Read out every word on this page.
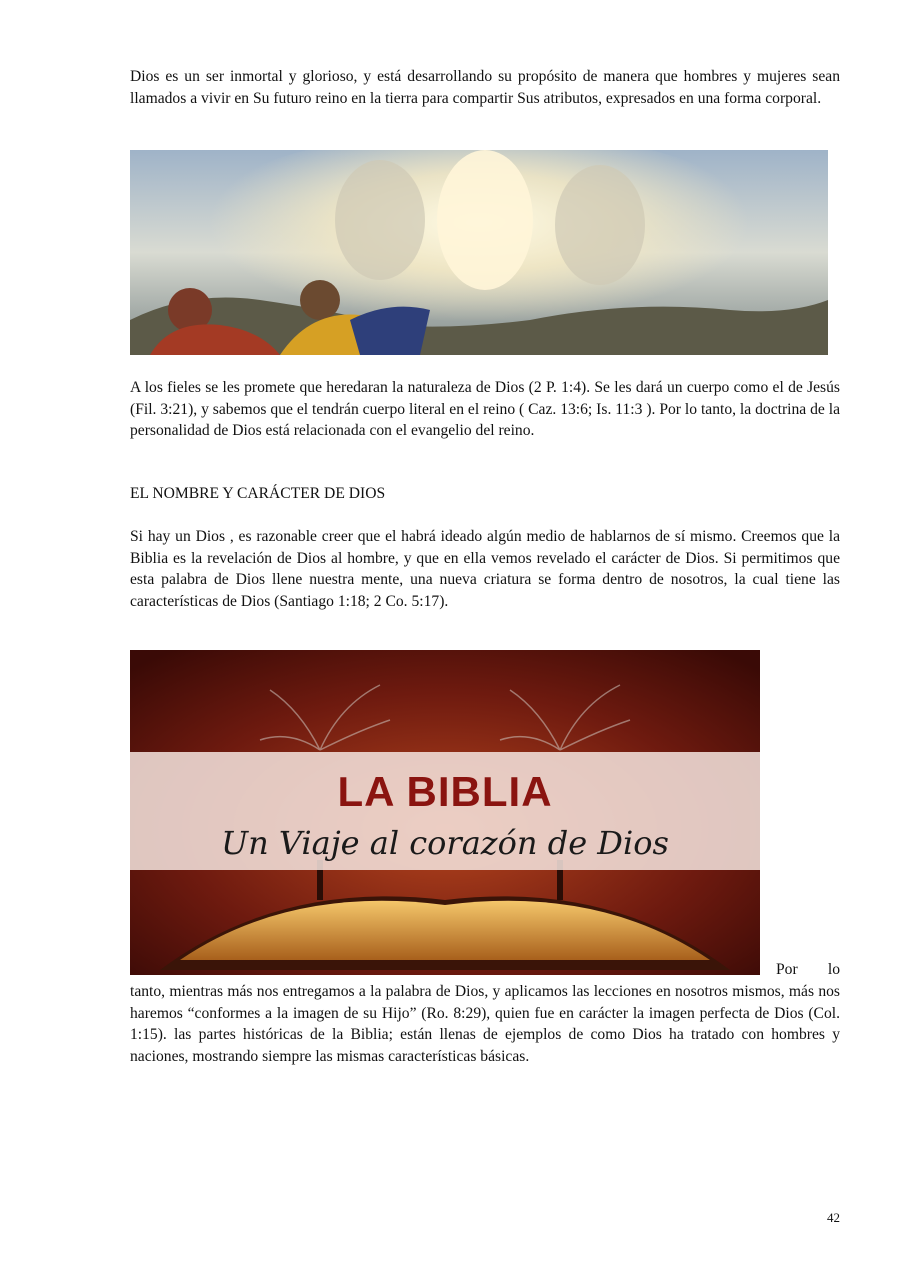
Dios es un ser inmortal y glorioso, y está desarrollando su propósito de manera que hombres y mujeres sean llamados a vivir en Su futuro reino en la tierra para compartir Sus atributos, expresados en una forma corporal.

A los fieles se les promete que heredaran la naturaleza de Dios (2 P. 1:4). Se les dará un cuerpo como el de Jesús (Fil. 3:21), y sabemos que el tendrán cuerpo literal en el reino ( Caz. 13:6; Is. 11:3 ). Por lo tanto, la doctrina de la personalidad de Dios está relacionada con el evangelio del reino.

EL NOMBRE Y CARÁCTER DE DIOS

Si hay un Dios , es razonable creer que el habrá ideado algún medio de hablarnos de sí mismo. Creemos que la Biblia es la revelación de Dios al hombre, y que en ella vemos revelado el carácter de Dios. Si permitimos que esta palabra de Dios llene nuestra mente, una nueva criatura se forma dentro de nosotros, la cual tiene las características de Dios (Santiago 1:18; 2 Co. 5:17).

LA BIBLIA
Un Viaje al corazón de Dios
Por lo

tanto, mientras más nos entregamos a la palabra de Dios, y aplicamos las lecciones en nosotros mismos, más nos haremos “conformes a la imagen de su Hijo” (Ro. 8:29), quien fue en carácter la imagen perfecta de Dios (Col. 1:15). las partes históricas de la Biblia; están llenas de ejemplos de como Dios ha tratado con hombres y naciones, mostrando siempre las mismas características básicas.

42
